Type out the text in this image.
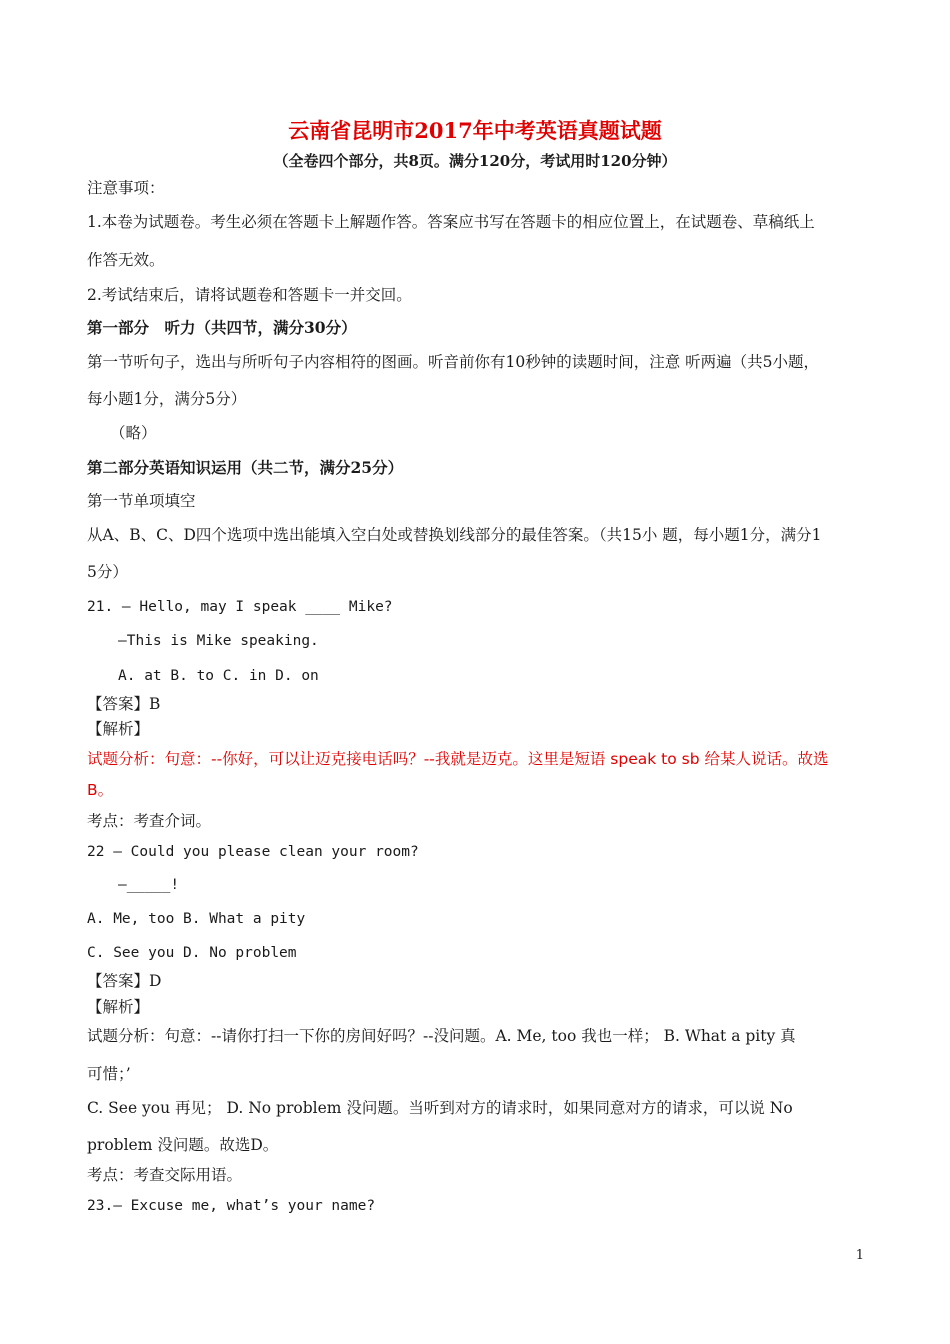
云南省昆明市2017年中考英语真题试题
（全卷四个部分，共8页。满分120分，考试用时120分钟）
注意事项：
1.本卷为试题卷。考生必须在答题卡上解题作答。答案应书写在答题卡的相应位置上，在试题卷、草稿纸上
作答无效。
2.考试结束后，请将试题卷和答题卡一并交回。
第一部分　听力（共四节，满分30分）
第一节听句子，选出与所听句子内容相符的图画。听音前你有10秒钟的读题时间，注意 听两遍（共5小题，
每小题1分，满分5分）
（略）
第二部分英语知识运用（共二节，满分25分）
第一节单项填空
从A、B、C、D四个选项中选出能填入空白处或替换划线部分的最佳答案。（共15小 题，每小题1分，满分1
5分）
21. — Hello, may I speak ____ Mike?
—This is Mike speaking.
A. at B. to C. in D. on
【答案】B
【解析】
试题分析：句意：--你好，可以让迈克接电话吗？--我就是迈克。这里是短语 speak to sb 给某人说话。故选
B。
考点：考查介词。
22 — Could you please clean your room?
—_____!
A. Me, too B. What a pity
C. See you D. No problem
【答案】D
【解析】
试题分析：句意：--请你打扫一下你的房间好吗？--没问题。A. Me, too 我也一样； B. What a pity 真
可惜；’
C. See you 再见； D. No problem 没问题。当听到对方的请求时，如果同意对方的请求，可以说 No
problem 没问题。故选D。
考点：考查交际用语。
23.— Excuse me, what’s your name?
1
